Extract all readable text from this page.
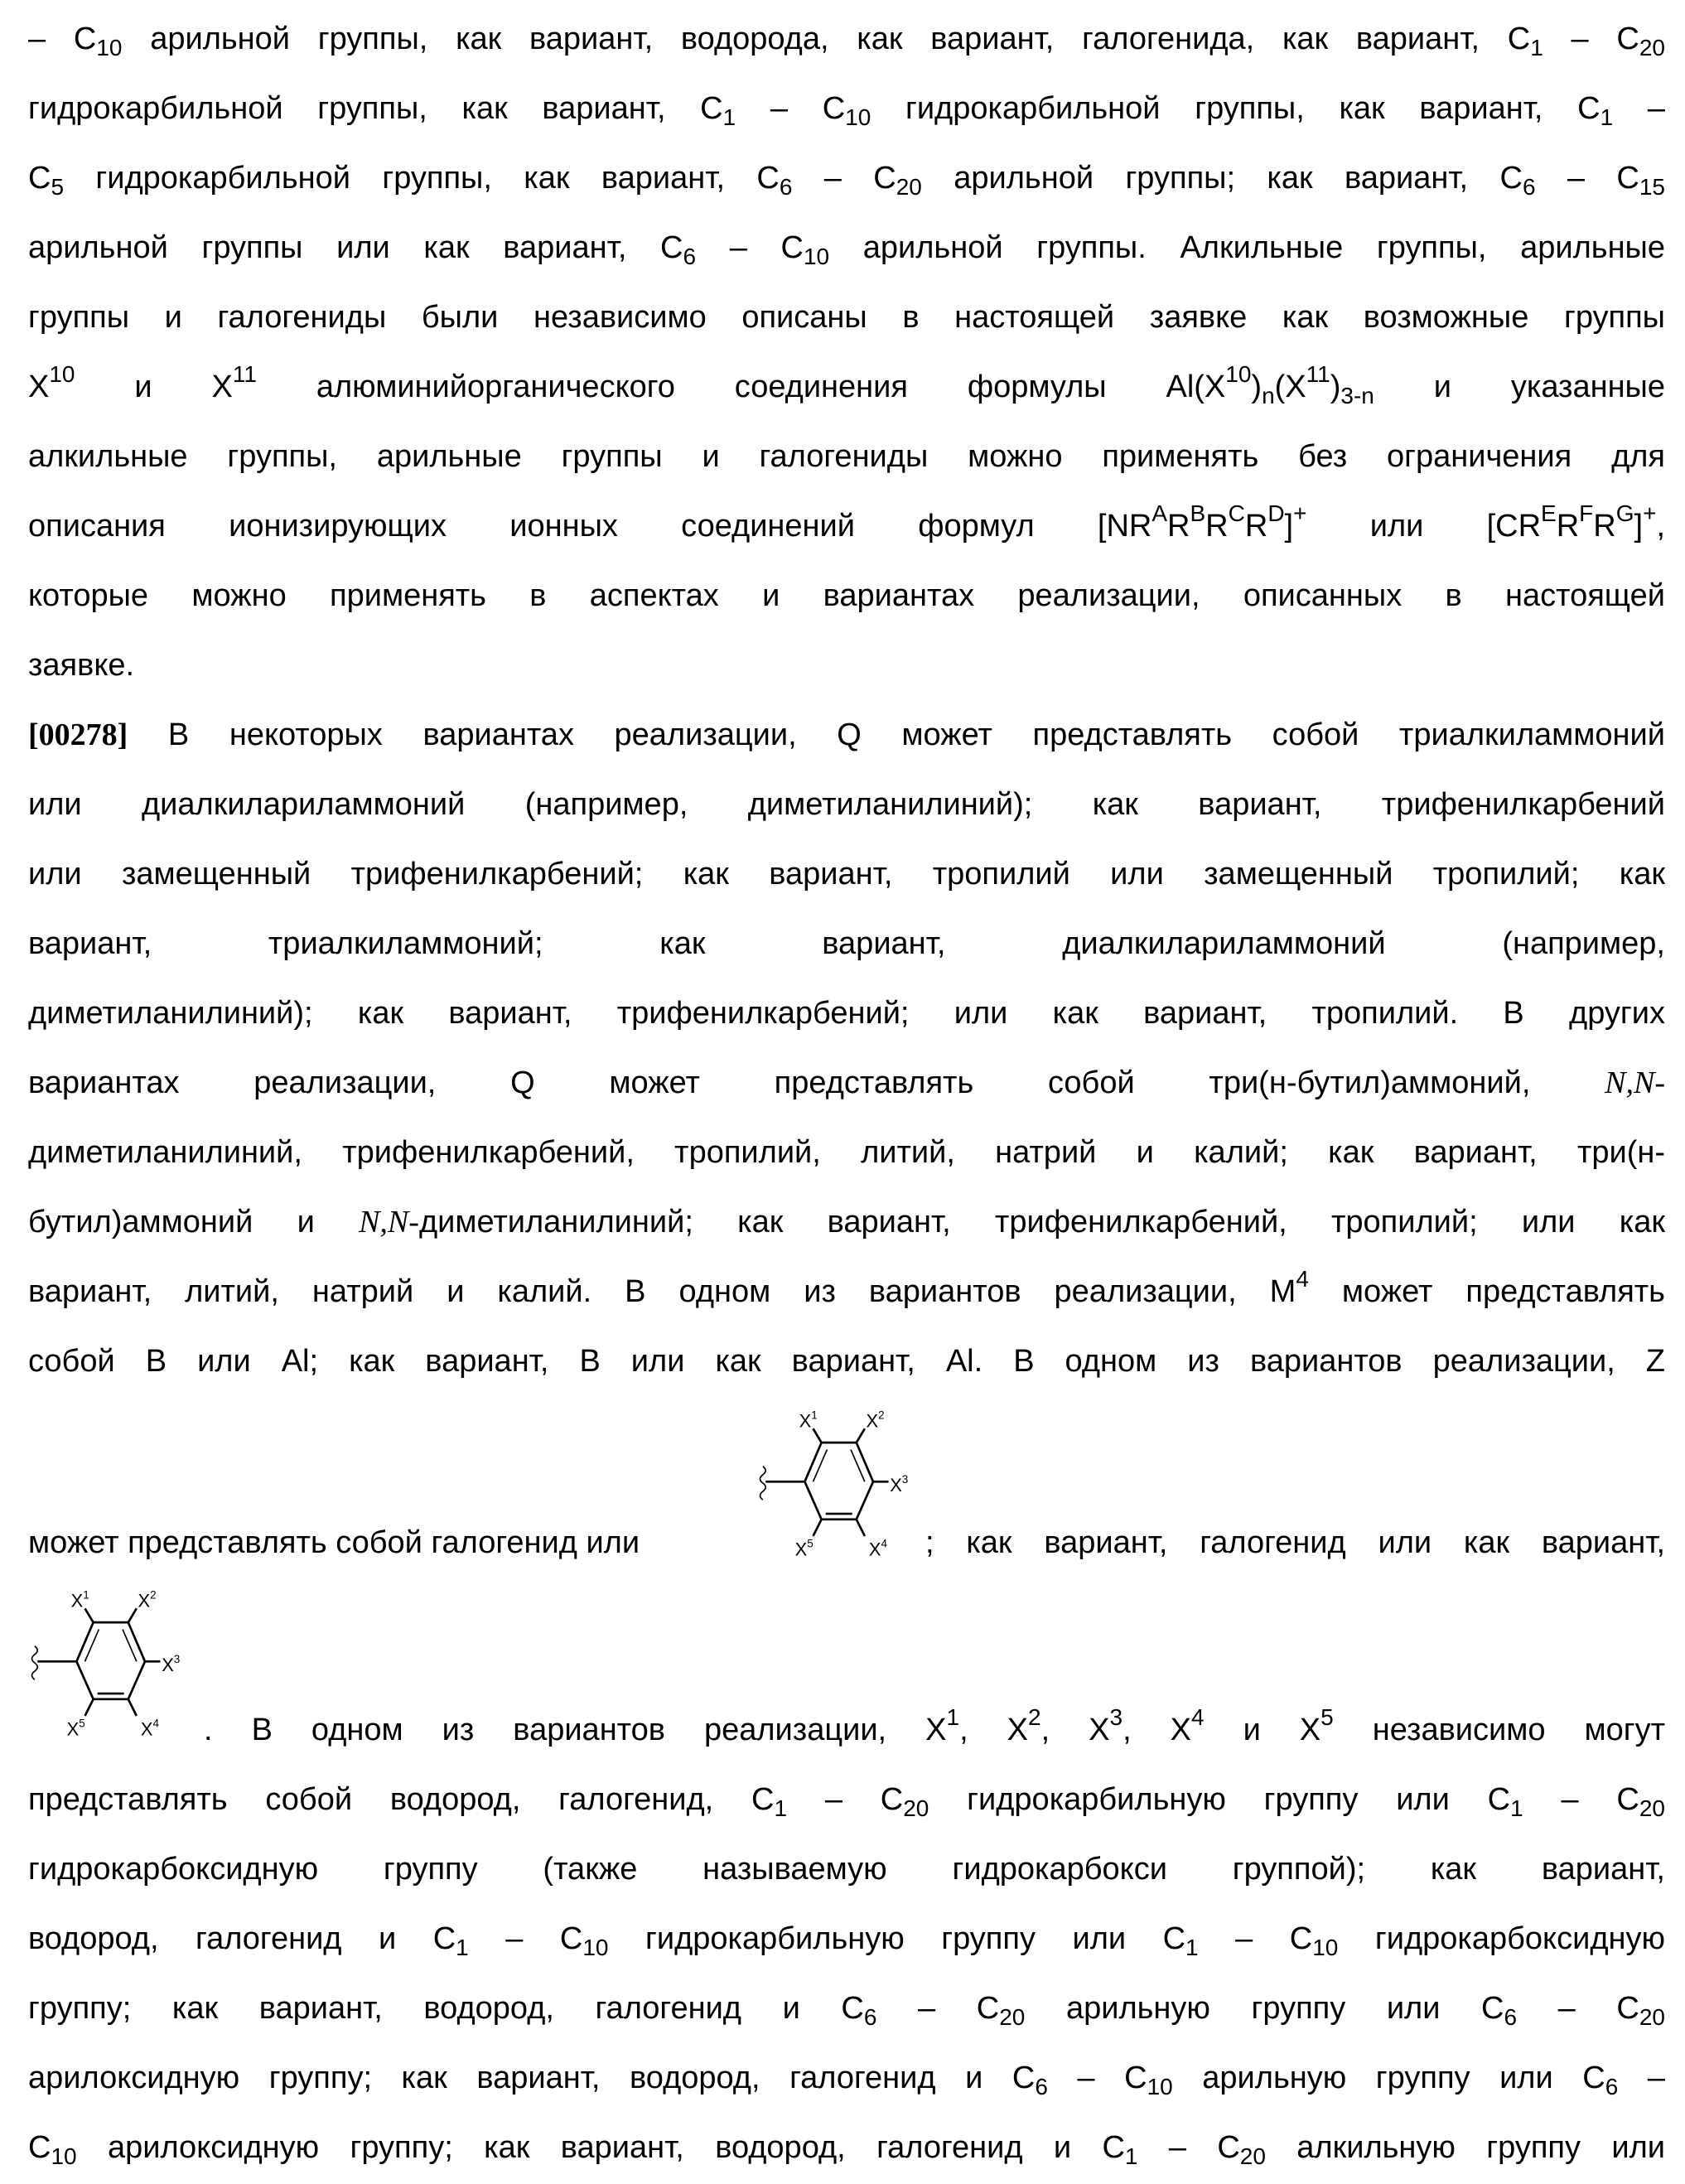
– C10 арильной группы, как вариант, водорода, как вариант, галогенида, как вариант, C1 – C20
гидрокарбильной группы, как вариант, C1 – C10 гидрокарбильной группы, как вариант, C1 –
C5 гидрокарбильной группы, как вариант, C6 – C20 арильной группы; как вариант, C6 – C15
арильной группы или как вариант, C6 – C10 арильной группы. Алкильные группы, арильные
группы и галогениды были независимо описаны в настоящей заявке как возможные группы
X10 и X11 алюминийорганического соединения формулы Al(X10)n(X11)3-n и указанные
алкильные группы, арильные группы и галогениды можно применять без ограничения для
описания ионизирующих ионных соединений формул [NRARBRCRD]+ или [CRERFRG]+,
которые можно применять в аспектах и вариантах реализации, описанных в настоящей
заявке.
[00278] В некоторых вариантах реализации, Q может представлять собой триалкиламмоний
или диалкилариламмоний (например, диметиланилиний); как вариант, трифенилкарбений
или замещенный трифенилкарбений; как вариант, тропилий или замещенный тропилий; как
вариант, триалкиламмоний; как вариант, диалкилариламмоний (например,
диметиланилиний); как вариант, трифенилкарбений; или как вариант, тропилий. В других
вариантах реализации, Q может представлять собой три(н-бутил)аммоний, N,N-
диметиланилиний, трифенилкарбений, тропилий, литий, натрий и калий; как вариант, три(н-
бутил)аммоний и N,N-диметиланилиний; как вариант, трифенилкарбений, тропилий; или как
вариант, литий, натрий и калий. В одном из вариантов реализации, M4 может представлять
собой B или Al; как вариант, B или как вариант, Al. В одном из вариантов реализации, Z
может представлять собой галогенид или
X1	X2
X3
X4
X5	; как вариант, галогенид или как вариант,
X1	X2
X3
X4
X5	. В одном из вариантов реализации, X1, X2, X3, X4 и X5 независимо могут
представлять собой водород, галогенид, C1 – C20 гидрокарбильную группу или C1 – C20
гидрокарбоксидную группу (также называемую гидрокарбокси группой); как вариант,
водород, галогенид и C1 – C10 гидрокарбильную группу или C1 – C10 гидрокарбоксидную
группу; как вариант, водород, галогенид и C6 – C20 арильную группу или C6 – C20
арилоксидную группу; как вариант, водород, галогенид и C6 – C10 арильную группу или C6 –
C10 арилоксидную группу; как вариант, водород, галогенид и C1 – C20 алкильную группу или
